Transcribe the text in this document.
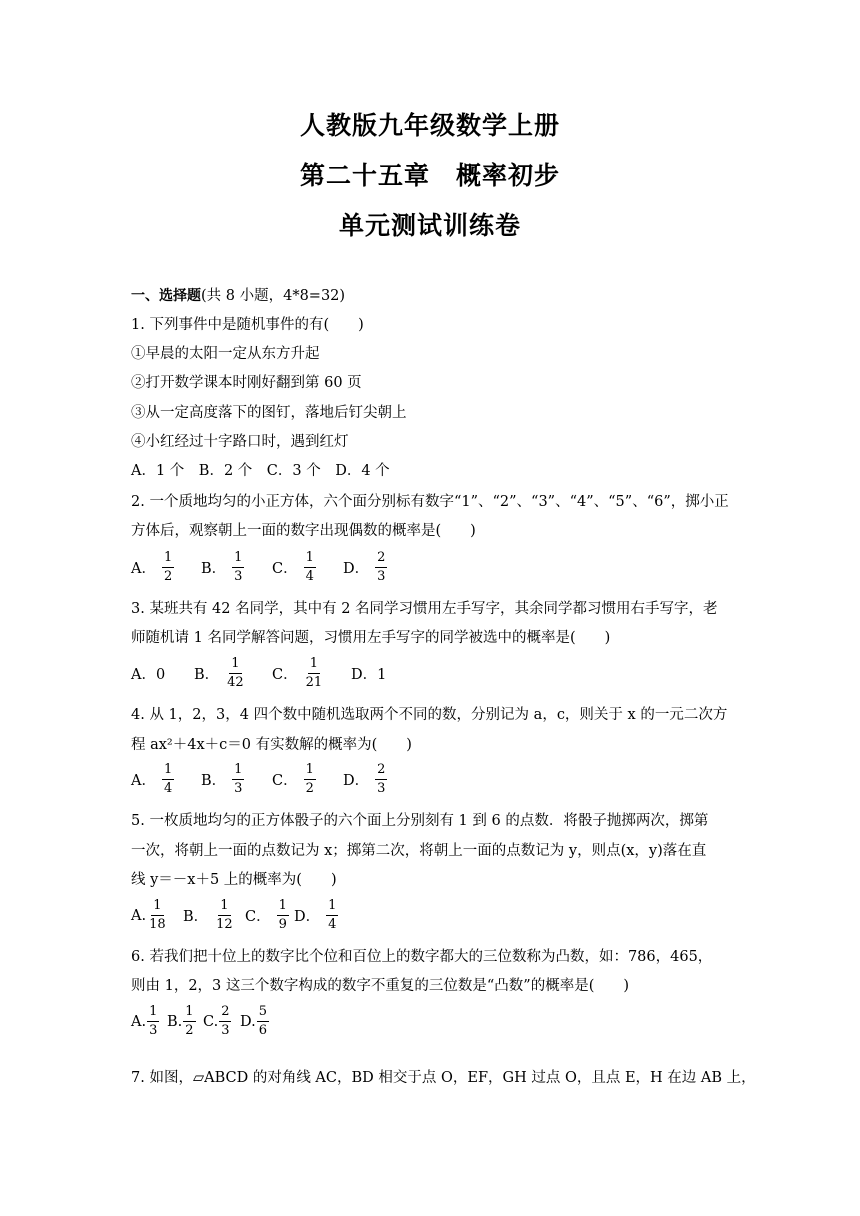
人教版九年级数学上册
第二十五章　概率初步
单元测试训练卷
一、选择题(共 8 小题，4*8=32)
1. 下列事件中是随机事件的有(　　)
①早晨的太阳一定从东方升起
②打开数学课本时刚好翻到第 60 页
③从一定高度落下的图钉，落地后钉尖朝上
④小红经过十字路口时，遇到红灯
A．1 个　B．2 个　C．3 个　D．4 个
2. 一个质地均匀的小正方体，六个面分别标有数字“1”、“2”、“3”、“4”、“5”、“6”，掷小正
方体后，观察朝上一面的数字出现偶数的概率是(　　)
A． $\frac{1}{2}$ B． $\frac{1}{3}$ C． $\frac{1}{4}$ D． $\frac{2}{3}$
3. 某班共有 42 名同学，其中有 2 名同学习惯用左手写字，其余同学都习惯用右手写字，老
师随机请 1 名同学解答问题，习惯用左手写字的同学被选中的概率是(　　)
A．0 B． $\frac{1}{42}$ C． $\frac{1}{21}$ D．1
4. 从 1，2，3，4 四个数中随机选取两个不同的数，分别记为 a，c，则关于 x 的一元二次方
程 ax²＋4x＋c＝0 有实数解的概率为(　　)
A． $\frac{1}{4}$ B． $\frac{1}{3}$ C． $\frac{1}{2}$ D． $\frac{2}{3}$
5. 一枚质地均匀的正方体骰子的六个面上分别刻有 1 到 6 的点数．将骰子抛掷两次，掷第
一次，将朝上一面的点数记为 x；掷第二次，将朝上一面的点数记为 y，则点(x，y)落在直
线 y＝－x＋5 上的概率为(　　)
A. $\frac{1}{18}$ B． $\frac{1}{12}$ C． $\frac{1}{9}$ D． $\frac{1}{4}$
6. 若我们把十位上的数字比个位和百位上的数字都大的三位数称为凸数，如：786，465，
则由 1，2，3 这三个数字构成的数字不重复的三位数是“凸数”的概率是(　　)
A. $\frac{1}{3} B$. $\frac{1}{2} C$. $\frac{2}{3} D$. $\frac{5}{6}$
7. 如图，▱ABCD 的对角线 AC，BD 相交于点 O，EF，GH 过点 O，且点 E，H 在边 AB 上，
